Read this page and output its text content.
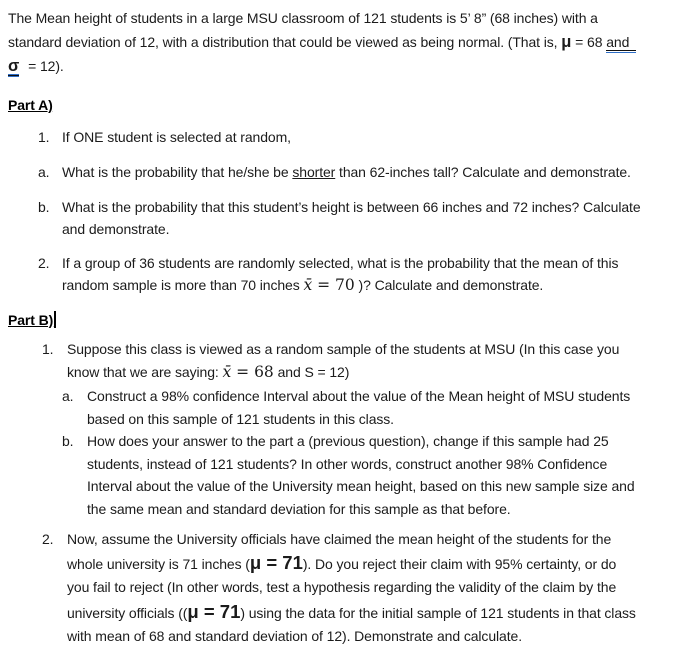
The Mean height of students in a large MSU classroom of 121 students is 5’ 8” (68 inches) with a
standard deviation of 12, with a distribution that could be viewed as being normal. (That is, μ = 68 and
σ = 12).
Part A)
1. If ONE student is selected at random,
a. What is the probability that he/she be shorter than 62-inches tall? Calculate and demonstrate.
b. What is the probability that this student’s height is between 66 inches and 72 inches? Calculate and demonstrate.
2. If a group of 36 students are randomly selected, what is the probability that the mean of this random sample is more than 70 inches x̄ = 70 )? Calculate and demonstrate.
Part B)
1. Suppose this class is viewed as a random sample of the students at MSU (In this case you know that we are saying: x̄ = 68 and S = 12)
a. Construct a 98% confidence Interval about the value of the Mean height of MSU students based on this sample of 121 students in this class.
b. How does your answer to the part a (previous question), change if this sample had 25 students, instead of 121 students? In other words, construct another 98% Confidence Interval about the value of the University mean height, based on this new sample size and the same mean and standard deviation for this sample as that before.
2. Now, assume the University officials have claimed the mean height of the students for the whole university is 71 inches (μ = 71). Do you reject their claim with 95% certainty, or do you fail to reject (In other words, test a hypothesis regarding the validity of the claim by the university officials ((μ = 71) using the data for the initial sample of 121 students in that class with mean of 68 and standard deviation of 12). Demonstrate and calculate.
